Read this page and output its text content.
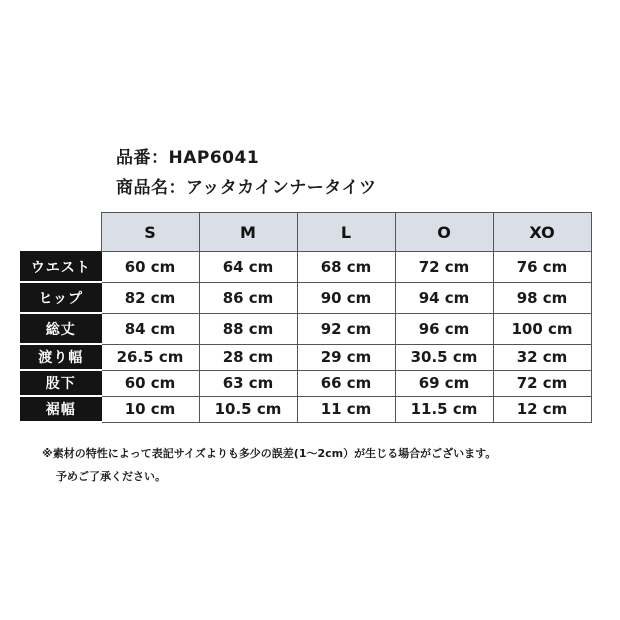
品番：HAP6041
商品名：アッタカインナータイツ
	S	M	L	O	XO
ウエスト	60 cm	64 cm	68 cm	72 cm	76 cm
ヒップ	82 cm	86 cm	90 cm	94 cm	98 cm
総丈	84 cm	88 cm	92 cm	96 cm	100 cm
渡り幅	26.5 cm	28 cm	29 cm	30.5 cm	32 cm
股下	60 cm	63 cm	66 cm	69 cm	72 cm
裾幅	10 cm	10.5 cm	11 cm	11.5 cm	12 cm
※素材の特性によって表記サイズよりも多少の誤差(1～2cm）が生じる場合がございます。
予めご了承ください。
